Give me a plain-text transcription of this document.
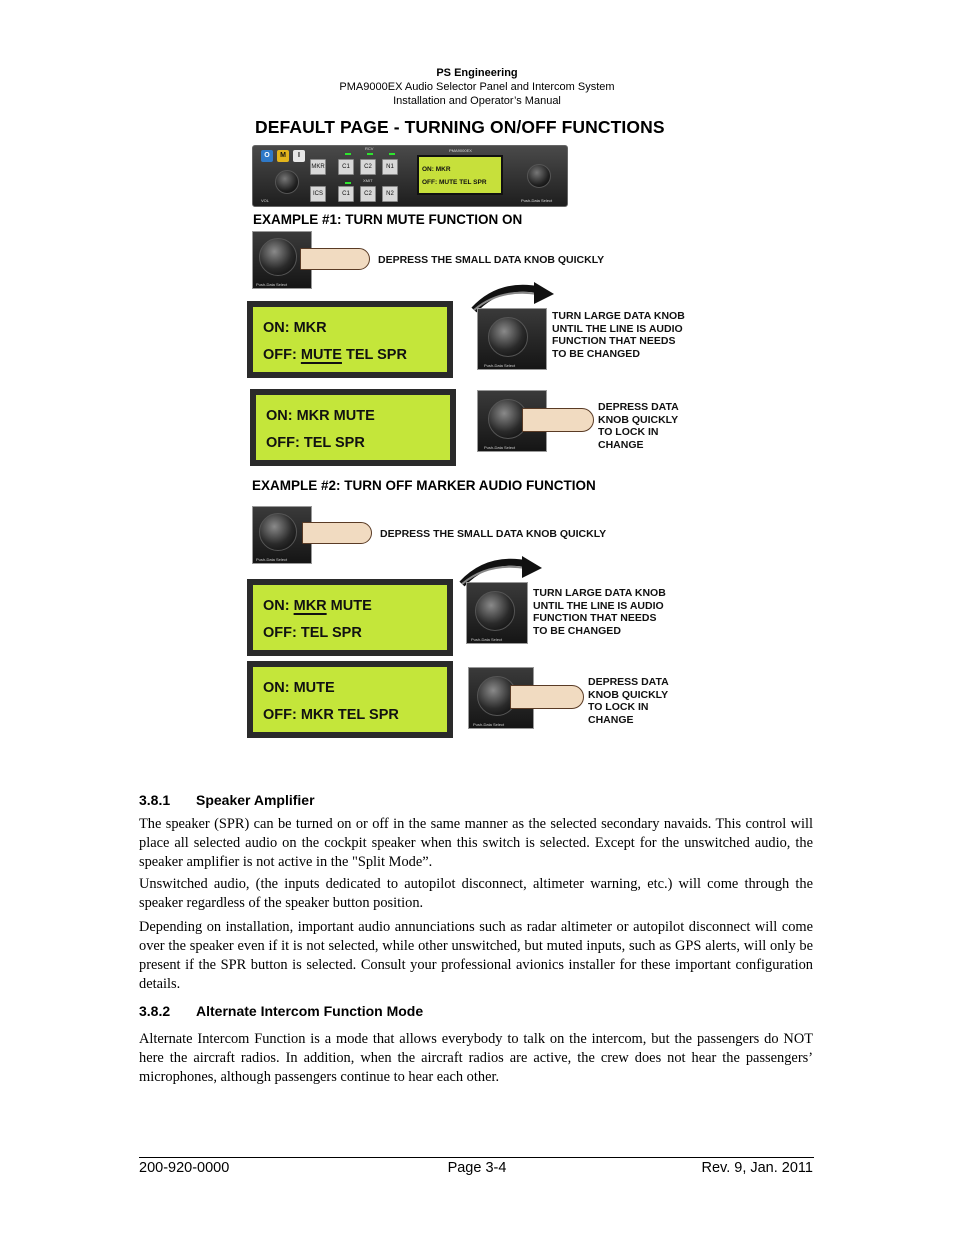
PS Engineering
PMA9000EX Audio Selector Panel and Intercom System
Installation and Operator’s Manual
DEFAULT PAGE - TURNING ON/OFF FUNCTIONS
O	M	I
VOL
RCV
MKR	C1	C2	N1
XMIT
ICS	C1	C2	N2
PMA9000EX
ON: MKR
OFF: MUTE TEL SPR
Push-Data Select
EXAMPLE #1: TURN MUTE FUNCTION ON
Push-Data Select
DEPRESS THE SMALL DATA KNOB QUICKLY
ON: MKR
OFF: MUTE TEL SPR
Push-Data Select
TURN LARGE DATA KNOB
UNTIL THE LINE IS AUDIO
FUNCTION THAT NEEDS
TO BE CHANGED
ON: MKR MUTE
OFF: TEL SPR	Push-Data Select
DEPRESS DATA
KNOB QUICKLY
TO LOCK IN
CHANGE
EXAMPLE #2: TURN OFF MARKER AUDIO FUNCTION
Push-Data Select
DEPRESS THE SMALL DATA KNOB QUICKLY
ON: MKR MUTE
OFF: TEL SPR	Push-Data Select
TURN LARGE DATA KNOB
UNTIL THE LINE IS AUDIO
FUNCTION THAT NEEDS
TO BE CHANGED
ON: MUTE
OFF: MKR TEL SPR
Push-Data Select
DEPRESS DATA
KNOB QUICKLY
TO LOCK IN
CHANGE
3.8.1 Speaker Amplifier
The speaker (SPR) can be turned on or off in the same manner as the selected secondary navaids. This control will place all selected audio on the cockpit speaker when this switch is selected. Except for the unswitched audio, the speaker amplifier is not active in the "Split Mode”.
Unswitched audio, (the inputs dedicated to autopilot disconnect, altimeter warning, etc.) will come through the speaker regardless of the speaker button position.
Depending on installation, important audio annunciations such as radar altimeter or autopilot disconnect will come over the speaker even if it is not selected, while other unswitched, but muted inputs, such as GPS alerts, will only be present if the SPR button is selected. Consult your professional avionics installer for these important configuration details.
3.8.2 Alternate Intercom Function Mode
Alternate Intercom Function is a mode that allows everybody to talk on the intercom, but the passengers do NOT here the aircraft radios. In addition, when the aircraft radios are active, the crew does not hear the passengers’ microphones, although passengers continue to hear each other.
200-920-0000	Page 3-4	Rev. 9, Jan. 2011
